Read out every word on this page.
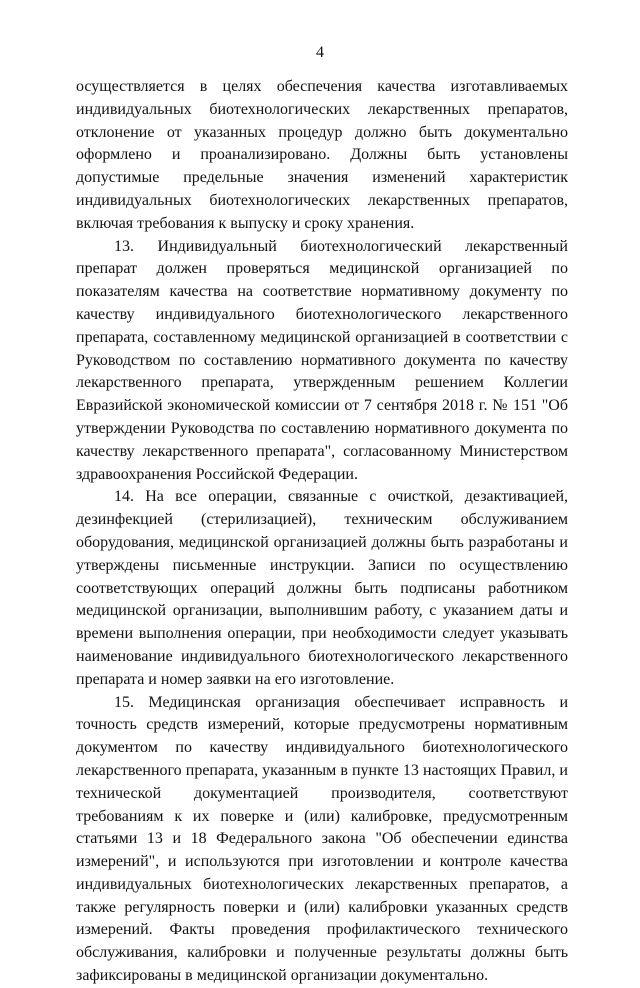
4

осуществляется в целях обеспечения качества изготавливаемых индивидуальных биотехнологических лекарственных препаратов, отклонение от указанных процедур должно быть документально оформлено и проанализировано. Должны быть установлены допустимые предельные значения изменений характеристик индивидуальных биотехнологических лекарственных препаратов, включая требования к выпуску и сроку хранения.

13. Индивидуальный биотехнологический лекарственный препарат должен проверяться медицинской организацией по показателям качества на соответствие нормативному документу по качеству индивидуального биотехнологического лекарственного препарата, составленному медицинской организацией в соответствии с Руководством по составлению нормативного документа по качеству лекарственного препарата, утвержденным решением Коллегии Евразийской экономической комиссии от 7 сентября 2018 г. № 151 "Об утверждении Руководства по составлению нормативного документа по качеству лекарственного препарата", согласованному Министерством здравоохранения Российской Федерации.

14. На все операции, связанные с очисткой, дезактивацией, дезинфекцией (стерилизацией), техническим обслуживанием оборудования, медицинской организацией должны быть разработаны и утверждены письменные инструкции. Записи по осуществлению соответствующих операций должны быть подписаны работником медицинской организации, выполнившим работу, с указанием даты и времени выполнения операции, при необходимости следует указывать наименование индивидуального биотехнологического лекарственного препарата и номер заявки на его изготовление.

15. Медицинская организация обеспечивает исправность и точность средств измерений, которые предусмотрены нормативным документом по качеству индивидуального биотехнологического лекарственного препарата, указанным в пункте 13 настоящих Правил, и технической документацией производителя, соответствуют требованиям к их поверке и (или) калибровке, предусмотренным статьями 13 и 18 Федерального закона "Об обеспечении единства измерений", и используются при изготовлении и контроле качества индивидуальных биотехнологических лекарственных препаратов, а также регулярность поверки и (или) калибровки указанных средств измерений. Факты проведения профилактического технического обслуживания, калибровки и полученные результаты должны быть зафиксированы в медицинской организации документально.
